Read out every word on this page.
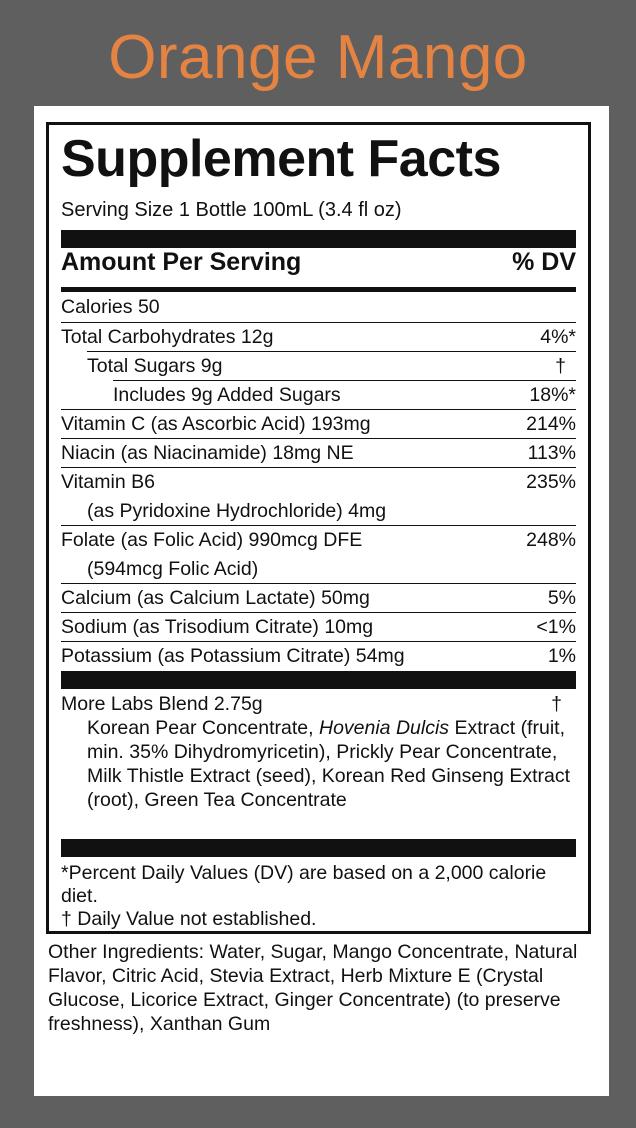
Orange Mango
Supplement Facts
Serving Size 1 Bottle 100mL (3.4 fl oz)
Amount Per Serving	% DV
Calories 50
Total Carbohydrates 12g	4%*
Total Sugars 9g	†
Includes 9g Added Sugars	18%*
Vitamin C (as Ascorbic Acid) 193mg	214%
Niacin (as Niacinamide) 18mg NE	113%
Vitamin B6	235%
(as Pyridoxine Hydrochloride) 4mg
Folate (as Folic Acid) 990mcg DFE	248%
(594mcg Folic Acid)
Calcium (as Calcium Lactate) 50mg	5%
Sodium (as Trisodium Citrate) 10mg	<1%
Potassium (as Potassium Citrate) 54mg	1%
More Labs Blend 2.75g	†
Korean Pear Concentrate, Hovenia Dulcis Extract (fruit, min. 35% Dihydromyricetin), Prickly Pear Concentrate, Milk Thistle Extract (seed), Korean Red Ginseng Extract (root), Green Tea Concentrate
*Percent Daily Values (DV) are based on a 2,000 calorie diet.
† Daily Value not established.
Other Ingredients: Water, Sugar, Mango Concentrate, Natural Flavor, Citric Acid, Stevia Extract, Herb Mixture E (Crystal Glucose, Licorice Extract, Ginger Concentrate) (to preserve freshness), Xanthan Gum
